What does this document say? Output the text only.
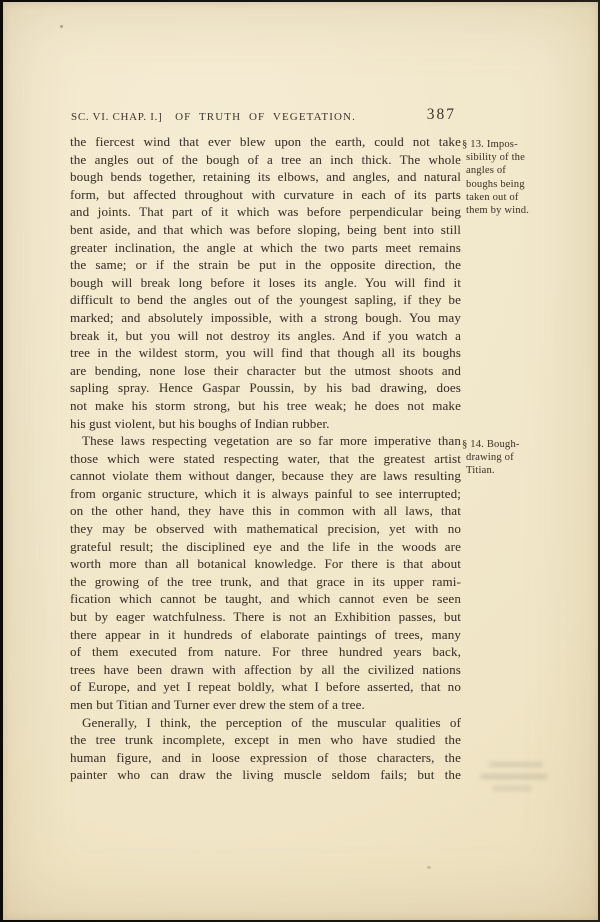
SC. VI. CHAP. I.] OF TRUTH OF VEGETATION.	387
the fiercest wind that ever blew upon the earth, could not take
the angles out of the bough of a tree an inch thick. The whole
bough bends together, retaining its elbows, and angles, and natural
form, but affected throughout with curvature in each of its parts
and joints. That part of it which was before perpendicular being
bent aside, and that which was before sloping, being bent into still
greater inclination, the angle at which the two parts meet remains
the same; or if the strain be put in the opposite direction, the
bough will break long before it loses its angle. You will find it
difficult to bend the angles out of the youngest sapling, if they be
marked; and absolutely impossible, with a strong bough. You may
break it, but you will not destroy its angles. And if you watch a
tree in the wildest storm, you will find that though all its boughs
are bending, none lose their character but the utmost shoots and
sapling spray. Hence Gaspar Poussin, by his bad drawing, does
not make his storm strong, but his tree weak; he does not make
his gust violent, but his boughs of Indian rubber.
These laws respecting vegetation are so far more imperative than
those which were stated respecting water, that the greatest artist
cannot violate them without danger, because they are laws resulting
from organic structure, which it is always painful to see interrupted;
on the other hand, they have this in common with all laws, that
they may be observed with mathematical precision, yet with no
grateful result; the disciplined eye and the life in the woods are
worth more than all botanical knowledge. For there is that about
the growing of the tree trunk, and that grace in its upper rami-
fication which cannot be taught, and which cannot even be seen
but by eager watchfulness. There is not an Exhibition passes, but
there appear in it hundreds of elaborate paintings of trees, many
of them executed from nature. For three hundred years back,
trees have been drawn with affection by all the civilized nations
of Europe, and yet I repeat boldly, what I before asserted, that no
men but Titian and Turner ever drew the stem of a tree.
Generally, I think, the perception of the muscular qualities of
the tree trunk incomplete, except in men who have studied the
human figure, and in loose expression of those characters, the
painter who can draw the living muscle seldom fails; but the
§ 13. Impos-
sibility of the
angles of
boughs being
taken out of
them by wind.
§ 14. Bough-
drawing of
Titian.
